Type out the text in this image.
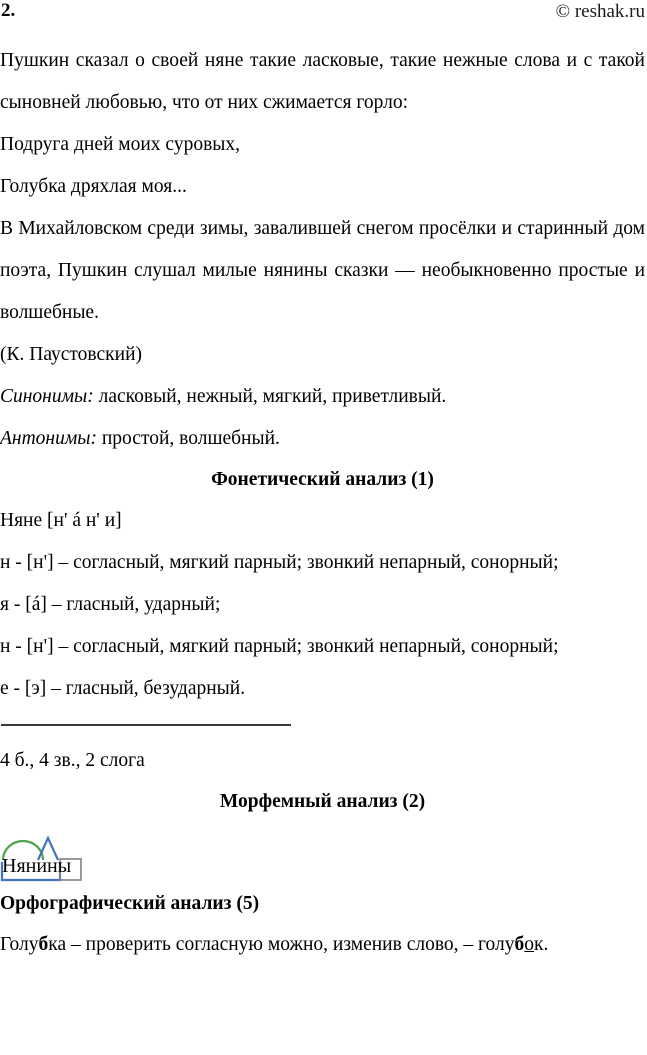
2.	© reshak.ru

Пушкин сказал о своей няне такие ласковые, такие нежные слова и с такой сыновней любовью, что от них сжимается горло:

Подруга дней моих суровых,

Голубка дряхлая моя...

В Михайловском среди зимы, завалившей снегом просёлки и старинный дом поэта, Пушкин слушал милые нянины сказки — необыкновенно простые и волшебные.

(К. Паустовский)

Синонимы: ласковый, нежный, мягкий, приветливый.

Антонимы: простой, волшебный.

Фонетический анализ (1)

Няне [н' á н' и]

н - [н'] – согласный, мягкий парный; звонкий непарный, сонорный;

я - [á] – гласный, ударный;

н - [н'] – согласный, мягкий парный; звонкий непарный, сонорный;

е - [э] – гласный, безударный.

4 б., 4 зв., 2 слога

Морфемный анализ (2)
Нянины
Орфографический анализ (5)

Голубка – проверить согласную можно, изменив слово, – голубок.
